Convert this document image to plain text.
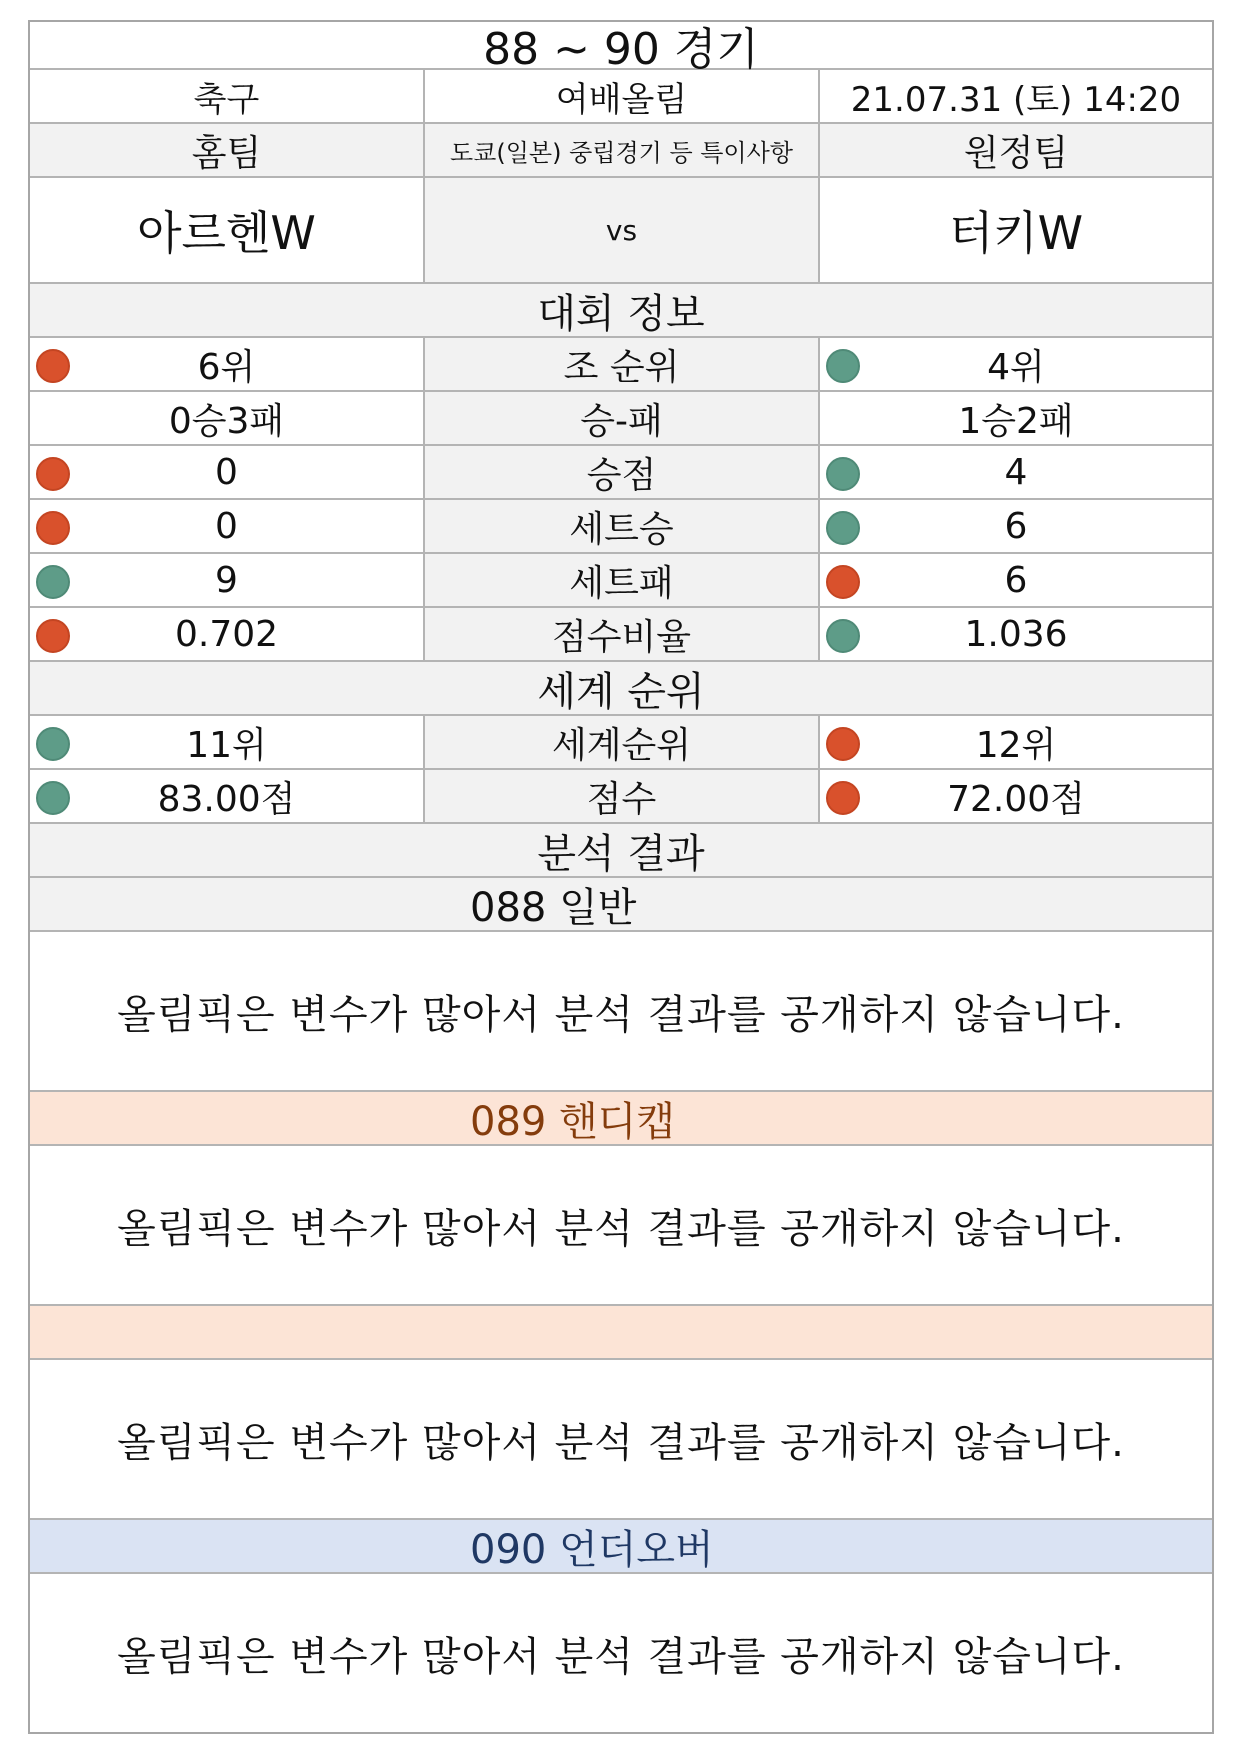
88 ~ 90 경기
축구	여배올림	21.07.31 (토) 14:20
홈팀	도쿄(일본) 중립경기 등 특이사항	원정팀
아르헨W	vs	터키W
대회 정보
6위	조 순위	4위
0승3패	승-패	1승2패
0	승점	4
0	세트승	6
9	세트패	6
0.702	점수비율	1.036
세계 순위
11위	세계순위	12위
83.00점	점수	72.00점
분석 결과
088 일반
올림픽은 변수가 많아서 분석 결과를 공개하지 않습니다.
089 핸디캡
올림픽은 변수가 많아서 분석 결과를 공개하지 않습니다.
올림픽은 변수가 많아서 분석 결과를 공개하지 않습니다.
090 언더오버
올림픽은 변수가 많아서 분석 결과를 공개하지 않습니다.
